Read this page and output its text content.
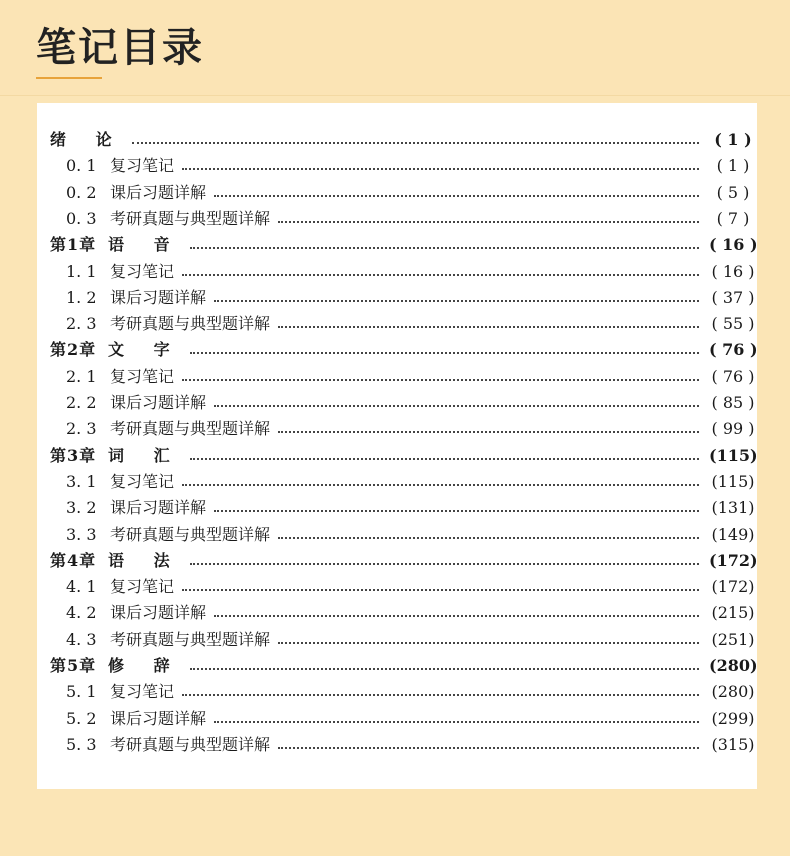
笔记目录
绪 论	( 1 )
0. 1 复习笔记	( 1 )
0. 2 课后习题详解	( 5 )
0. 3 考研真题与典型题详解	( 7 )
第1章 语 音	( 16 )
1. 1 复习笔记	( 16 )
1. 2 课后习题详解	( 37 )
2. 3 考研真题与典型题详解	( 55 )
第2章 文 字	( 76 )
2. 1 复习笔记	( 76 )
2. 2 课后习题详解	( 85 )
2. 3 考研真题与典型题详解	( 99 )
第3章 词 汇	(115)
3. 1 复习笔记	(115)
3. 2 课后习题详解	(131)
3. 3 考研真题与典型题详解	(149)
第4章 语 法	(172)
4. 1 复习笔记	(172)
4. 2 课后习题详解	(215)
4. 3 考研真题与典型题详解	(251)
第5章 修 辞	(280)
5. 1 复习笔记	(280)
5. 2 课后习题详解	(299)
5. 3 考研真题与典型题详解	(315)
